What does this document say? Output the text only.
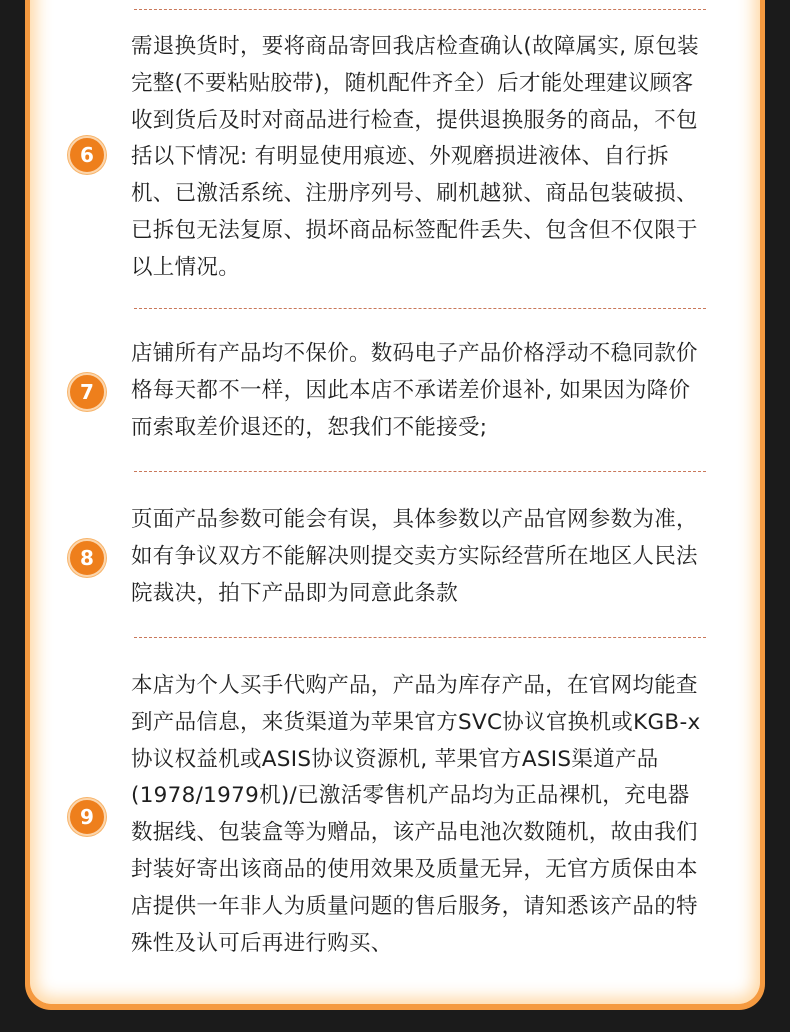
6

需退换货时，要将商品寄回我店检查确认(故障属实, 原包装完整(不要粘贴胶带)，随机配件齐全）后才能处理建议顾客收到货后及时对商品进行检查，提供退换服务的商品，不包括以下情况: 有明显使用痕迹、外观磨损进液体、自行拆机、已激活系统、注册序列号、刷机越狱、商品包装破损、已拆包无法复原、损坏商品标签配件丢失、包含但不仅限于以上情况。

7

店铺所有产品均不保价。数码电子产品价格浮动不稳同款价格每天都不一样，因此本店不承诺差价退补, 如果因为降价而索取差价退还的，恕我们不能接受;

8

页面产品参数可能会有误，具体参数以产品官网参数为准，如有争议双方不能解决则提交卖方实际经营所在地区人民法院裁决，拍下产品即为同意此条款

9

本店为个人买手代购产品，产品为库存产品，在官网均能查到产品信息，来货渠道为苹果官方SVC协议官换机或KGB-x协议权益机或ASIS协议资源机, 苹果官方ASIS渠道产品(1978/1979机)/已激活零售机产品均为正品裸机，充电器数据线、包装盒等为赠品，该产品电池次数随机，故由我们封装好寄出该商品的使用效果及质量无异，无官方质保由本店提供一年非人为质量问题的售后服务，请知悉该产品的特殊性及认可后再进行购买、
